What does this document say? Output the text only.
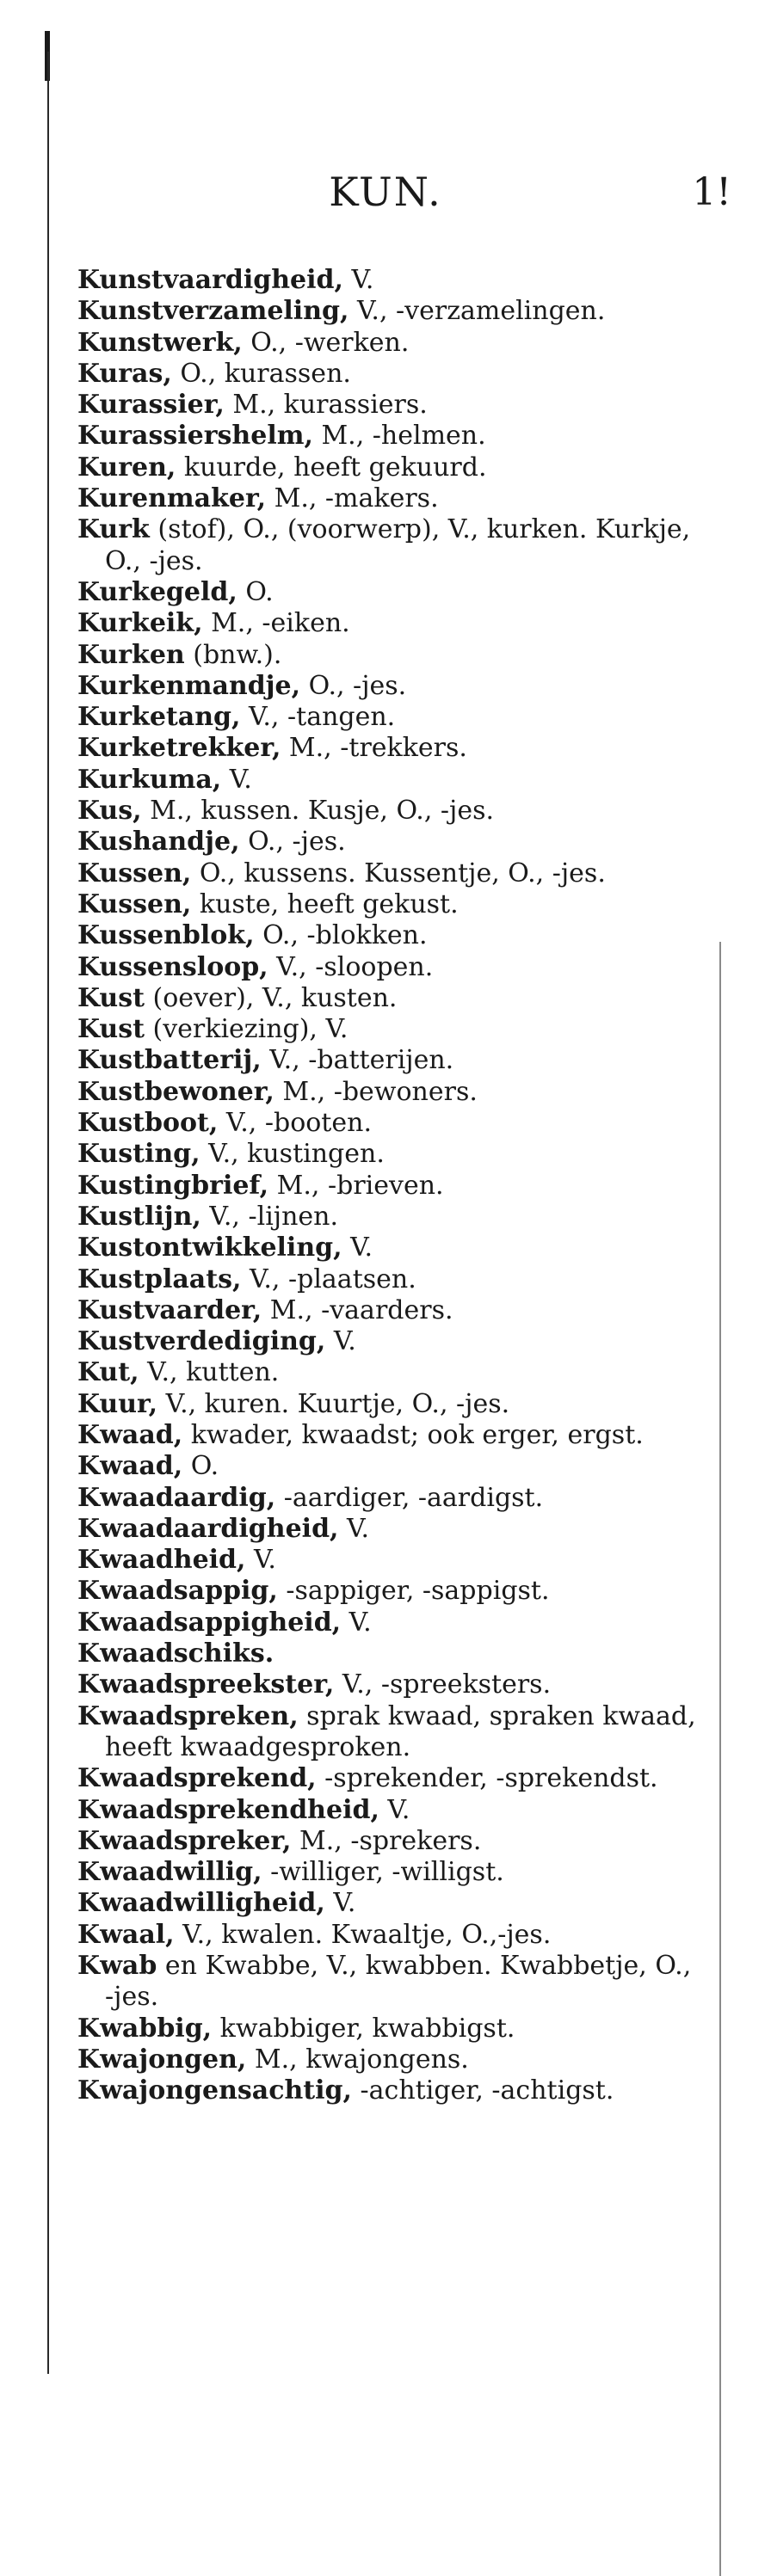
KUN.	1!
Kunstvaardigheid, V.
Kunstverzameling, V., -verzamelingen.
Kunstwerk, O., -werken.
Kuras, O., kurassen.
Kurassier, M., kurassiers.
Kurassiershelm, M., -helmen.
Kuren, kuurde, heeft gekuurd.
Kurenmaker, M., -makers.
Kurk (stof), O., (voorwerp), V., kurken. Kurkje, O., -jes.
Kurkegeld, O.
Kurkeik, M., -eiken.
Kurken (bnw.).
Kurkenmandje, O., -jes.
Kurketang, V., -tangen.
Kurketrekker, M., -trekkers.
Kurkuma, V.
Kus, M., kussen. Kusje, O., -jes.
Kushandje, O., -jes.
Kussen, O., kussens. Kussentje, O., -jes.
Kussen, kuste, heeft gekust.
Kussenblok, O., -blokken.
Kussensloop, V., -sloopen.
Kust (oever), V., kusten.
Kust (verkiezing), V.
Kustbatterij, V., -batterijen.
Kustbewoner, M., -bewoners.
Kustboot, V., -booten.
Kusting, V., kustingen.
Kustingbrief, M., -brieven.
Kustlijn, V., -lijnen.
Kustontwikkeling, V.
Kustplaats, V., -plaatsen.
Kustvaarder, M., -vaarders.
Kustverdediging, V.
Kut, V., kutten.
Kuur, V., kuren. Kuurtje, O., -jes.
Kwaad, kwader, kwaadst; ook erger, ergst.
Kwaad, O.
Kwaadaardig, -aardiger, -aardigst.
Kwaadaardigheid, V.
Kwaadheid, V.
Kwaadsappig, -sappiger, -sappigst.
Kwaadsappigheid, V.
Kwaadschiks.
Kwaadspreekster, V., -spreeksters.
Kwaadspreken, sprak kwaad, spraken kwaad, heeft kwaadgesproken.
Kwaadsprekend, -sprekender, -sprekendst.
Kwaadsprekendheid, V.
Kwaadspreker, M., -sprekers.
Kwaadwillig, -williger, -willigst.
Kwaadwilligheid, V.
Kwaal, V., kwalen. Kwaaltje, O.,-jes.
Kwab en Kwabbe, V., kwabben. Kwabbetje, O., -jes.
Kwabbig, kwabbiger, kwabbigst.
Kwajongen, M., kwajongens.
Kwajongensachtig, -achtiger, -achtigst.
